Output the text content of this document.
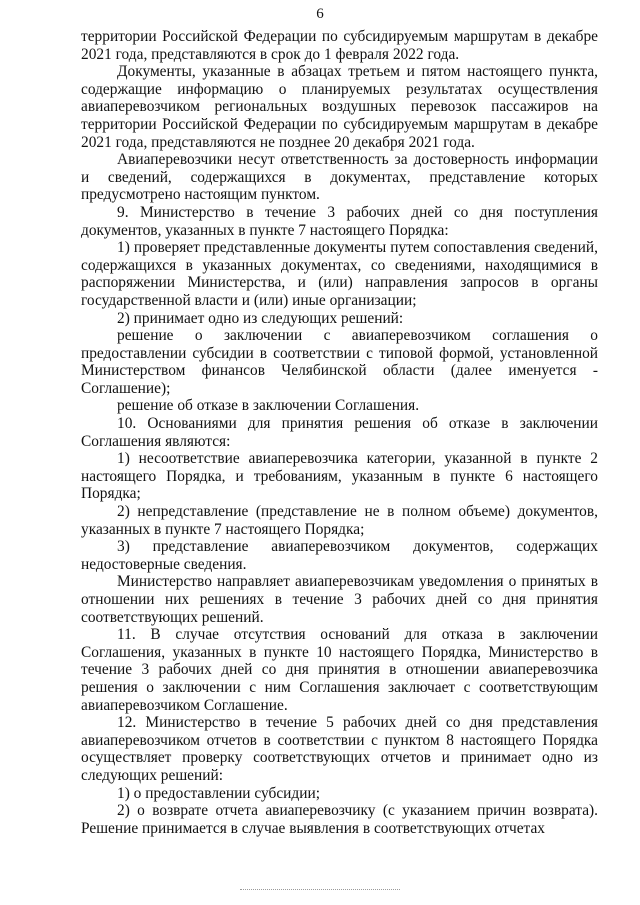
6

территории Российской Федерации по субсидируемым маршрутам в декабре 2021 года, представляются в срок до 1 февраля 2022 года.

Документы, указанные в абзацах третьем и пятом настоящего пункта, содержащие информацию о планируемых результатах осуществления авиаперевозчиком региональных воздушных перевозок пассажиров на территории Российской Федерации по субсидируемым маршрутам в декабре 2021 года, представляются не позднее 20 декабря 2021 года.

Авиаперевозчики несут ответственность за достоверность информации и сведений, содержащихся в документах, представление которых предусмотрено настоящим пунктом.

9. Министерство в течение 3 рабочих дней со дня поступления документов, указанных в пункте 7 настоящего Порядка:

1) проверяет представленные документы путем сопоставления сведений, содержащихся в указанных документах, со сведениями, находящимися в распоряжении Министерства, и (или) направления запросов в органы государственной власти и (или) иные организации;

2) принимает одно из следующих решений:

решение о заключении с авиаперевозчиком соглашения о предоставлении субсидии в соответствии с типовой формой, установленной Министерством финансов Челябинской области (далее именуется - Соглашение);

решение об отказе в заключении Соглашения.

10. Основаниями для принятия решения об отказе в заключении Соглашения являются:

1) несоответствие авиаперевозчика категории, указанной в пункте 2 настоящего Порядка, и требованиям, указанным в пункте 6 настоящего Порядка;

2) непредставление (представление не в полном объеме) документов, указанных в пункте 7 настоящего Порядка;

3) представление авиаперевозчиком документов, содержащих недостоверные сведения.

Министерство направляет авиаперевозчикам уведомления о принятых в отношении них решениях в течение 3 рабочих дней со дня принятия соответствующих решений.

11. В случае отсутствия оснований для отказа в заключении Соглашения, указанных в пункте 10 настоящего Порядка, Министерство в течение 3 рабочих дней со дня принятия в отношении авиаперевозчика решения о заключении с ним Соглашения заключает с соответствующим авиаперевозчиком Соглашение.

12. Министерство в течение 5 рабочих дней со дня представления авиаперевозчиком отчетов в соответствии с пунктом 8 настоящего Порядка осуществляет проверку соответствующих отчетов и принимает одно из следующих решений:

1) о предоставлении субсидии;

2) о возврате отчета авиаперевозчику (с указанием причин возврата). Решение принимается в случае выявления в соответствующих отчетах
